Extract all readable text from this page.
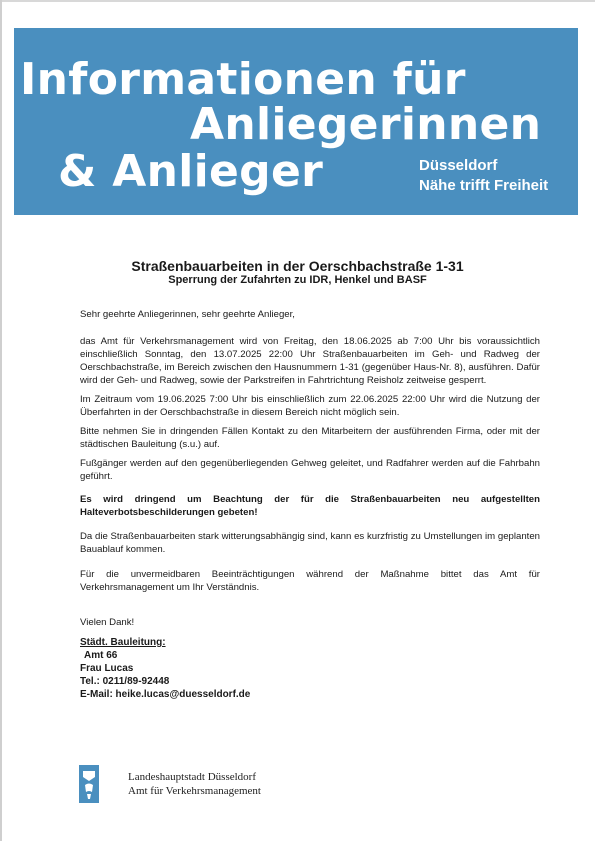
Informationen für
Anliegerinnen
& Anlieger	Düsseldorf
Nähe trifft Freiheit
Straßenbauarbeiten in der Oerschbachstraße 1-31
Sperrung der Zufahrten zu IDR, Henkel und BASF
Sehr geehrte Anliegerinnen, sehr geehrte Anlieger,
das Amt für Verkehrsmanagement wird von Freitag, den 18.06.2025 ab 7:00 Uhr bis voraussichtlich einschließlich Sonntag, den 13.07.2025 22:00 Uhr Straßenbauarbeiten im Geh- und Radweg der Oerschbachstraße, im Bereich zwischen den Hausnummern 1-31 (gegenüber Haus-Nr. 8), ausführen. Dafür wird der Geh- und Radweg, sowie der Parkstreifen in Fahrtrichtung Reisholz zeitweise gesperrt.
Im Zeitraum vom 19.06.2025 7:00 Uhr bis einschließlich zum 22.06.2025 22:00 Uhr wird die Nutzung der Überfahrten in der Oerschbachstraße in diesem Bereich nicht möglich sein.
Bitte nehmen Sie in dringenden Fällen Kontakt zu den Mitarbeitern der ausführenden Firma, oder mit der städtischen Bauleitung (s.u.) auf.
Fußgänger werden auf den gegenüberliegenden Gehweg geleitet, und Radfahrer werden auf die Fahrbahn geführt.
Es wird dringend um Beachtung der für die Straßenbauarbeiten neu aufgestellten Halteverbotsbeschilderungen gebeten!
Da die Straßenbauarbeiten stark witterungsabhängig sind, kann es kurzfristig zu Umstellungen im geplanten Bauablauf kommen.
Für die unvermeidbaren Beeinträchtigungen während der Maßnahme bittet das Amt für Verkehrsmanagement um Ihr Verständnis.
Vielen Dank!
Städt. Bauleitung:
Amt 66
Frau Lucas
Tel.: 0211/89-92448
E-Mail: heike.lucas@duesseldorf.de
Landeshauptstadt Düsseldorf
Amt für Verkehrsmanagement
